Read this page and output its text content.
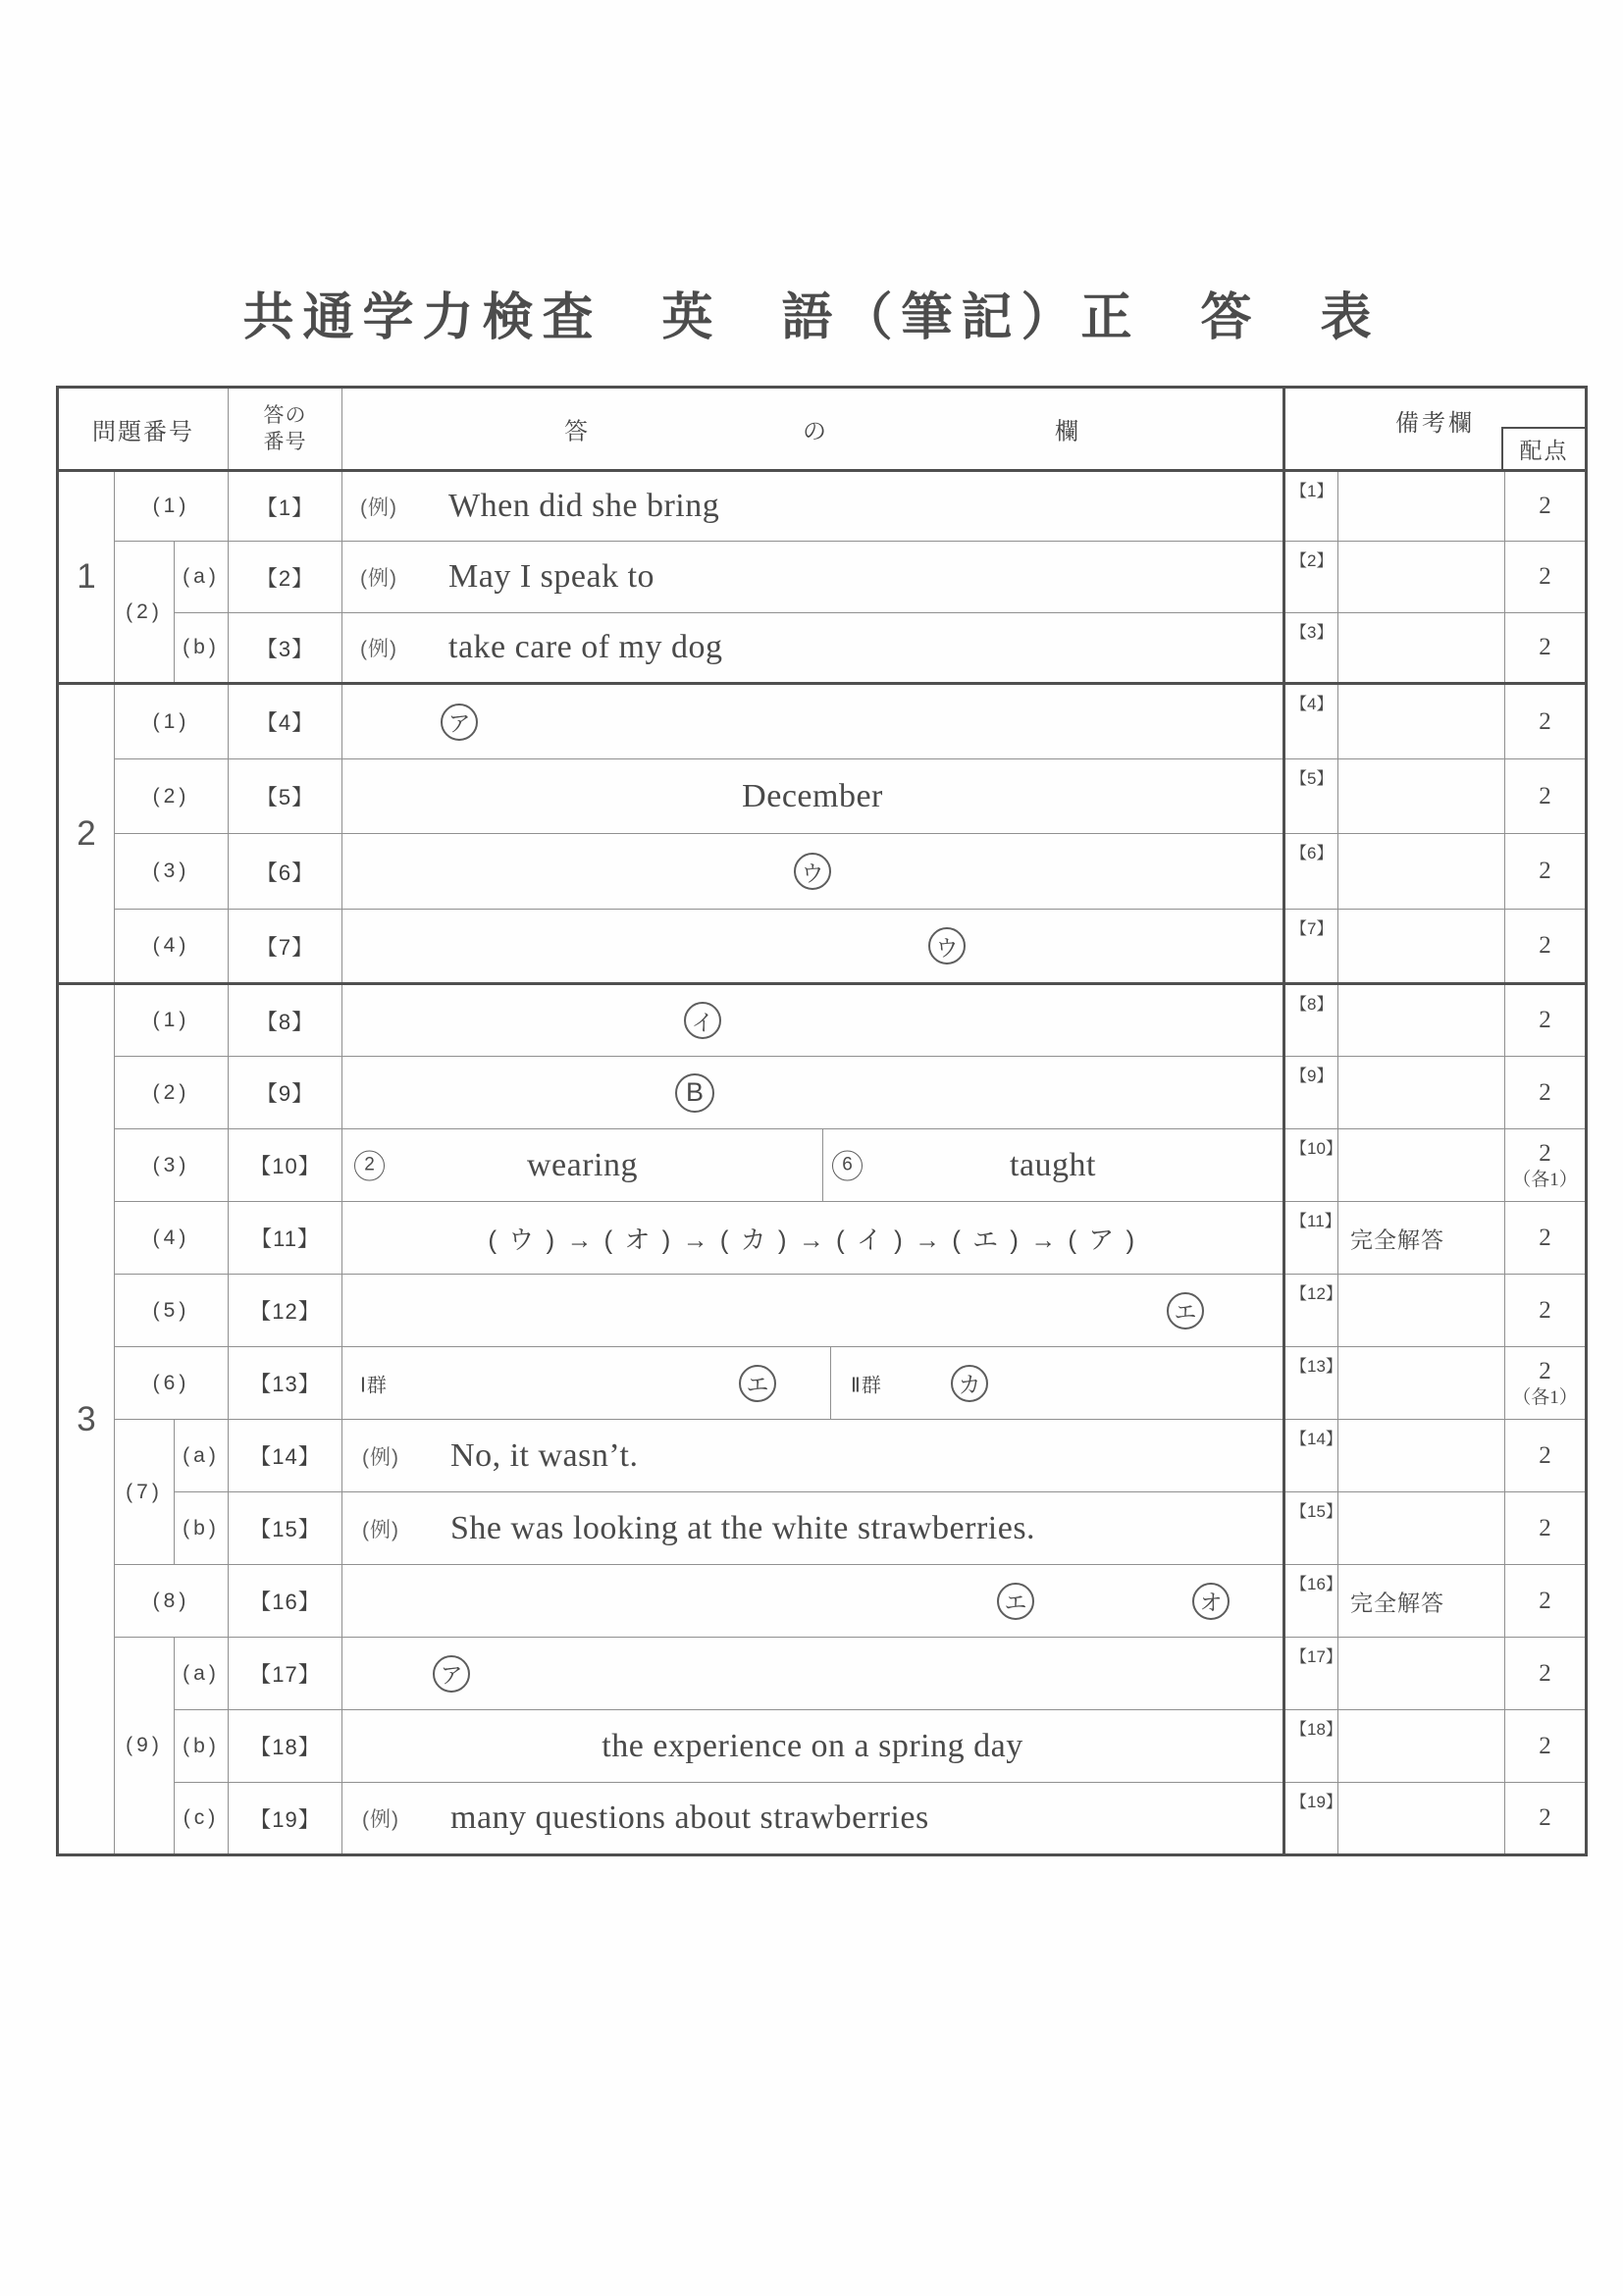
共通学力検査　英　語（筆記）正　答　表
問題番号	
答の
番号	答	の	欄	備考欄
配点

1	(1)		【1】	(例) When did she bring	【1】		2
	(2)	(a)	【2】	(例) May I speak to	【2】		2
		(b)	【3】	(例) take care of my dog	【3】		2
2	(1)		【4】	ア	【4】		2
	(2)		【5】	December	【5】		2
	(3)		【6】	ウ	【6】		2
	(4)		【7】	ウ	【7】		2
3	(1)		【8】	イ	【8】		2
	(2)		【9】	B	【9】		2
	(3)		【10】	2 wearing 6 taught	【10】		2
（各1）

	(4)		【11】	( ウ ) → ( オ ) → ( カ ) → ( イ ) → ( エ ) → ( ア )	【11】	完全解答	2
	(5)		【12】	エ	【12】		2
	(6)		【13】	Ⅰ群 エ Ⅱ群 カ	【13】		2
（各1）

	(7)	(a)	【14】	(例) No, it wasn’t.	【14】		2
		(b)	【15】	(例) She was looking at the white strawberries.	【15】		2
	(8)		【16】	エ オ	【16】	完全解答	2
	(9)	(a)	【17】	ア	【17】		2
		(b)	【18】	the experience on a spring day	【18】		2
		(c)	【19】	(例) many questions about strawberries	【19】		2
